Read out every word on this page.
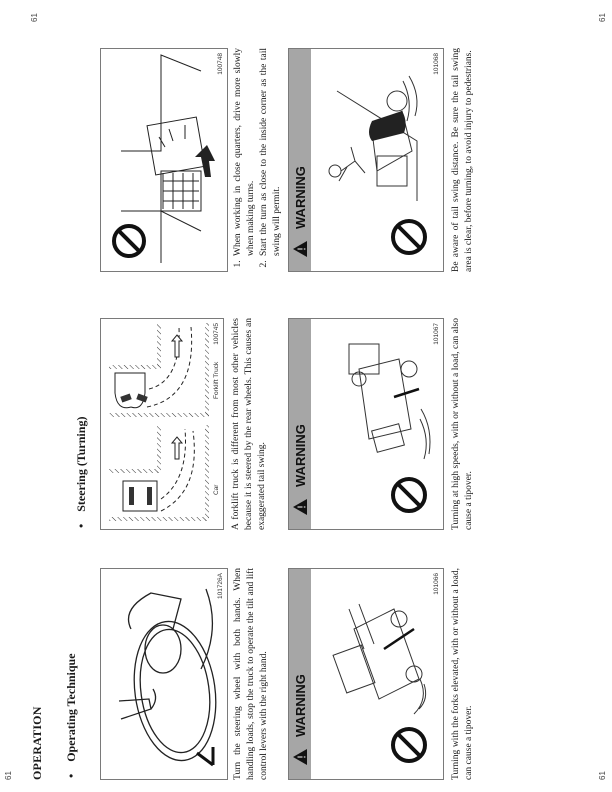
61	61
61
61
OPERATION •Operating Technique
101726A Turn the steering wheel with both hands. When handling loads, stop the truck to operate the tilt and lift control levers with the right hand. WARNING
101066 Turning with the forks elevated, with or without a load, can cause a tipover.
•Steering (Turning)	Car
Forklift Truck
100745 A forklift truck is different from most other vehicles because it is steered by the rear wheels. This causes an exaggerated tail swing. WARNING
101067 Turning at high speeds, with or without a load, can also cause a tipover.
100748 1. When working in close quarters, drive more slowly when making turns. 2. Start the turn as close to the inside corner as the tail swing will permit. WARNING
101068 Be aware of tail swing distance. Be sure the tail swing area is clear, before turning, to avoid injury to pedestrians.
